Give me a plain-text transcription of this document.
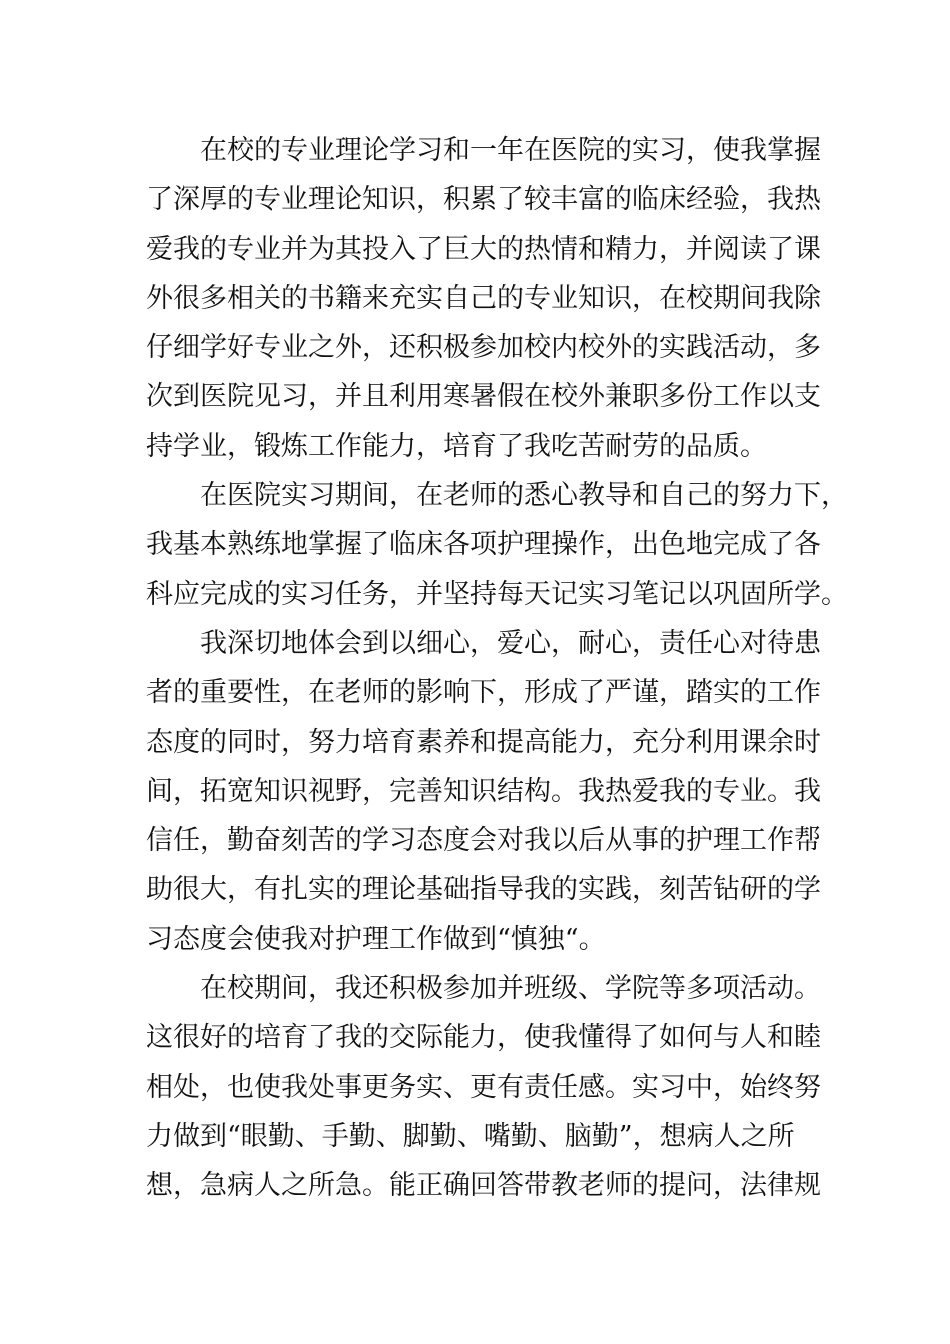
在校的专业理论学习和一年在医院的实习，使我掌握
了深厚的专业理论知识，积累了较丰富的临床经验，我热
爱我的专业并为其投入了巨大的热情和精力，并阅读了课
外很多相关的书籍来充实自己的专业知识，在校期间我除
仔细学好专业之外，还积极参加校内校外的实践活动，多
次到医院见习，并且利用寒暑假在校外兼职多份工作以支
持学业，锻炼工作能力，培育了我吃苦耐劳的品质。
在医院实习期间，在老师的悉心教导和自己的努力下，
我基本熟练地掌握了临床各项护理操作，出色地完成了各
科应完成的实习任务，并坚持每天记实习笔记以巩固所学。
我深切地体会到以细心，爱心，耐心，责任心对待患
者的重要性，在老师的影响下，形成了严谨，踏实的工作
态度的同时，努力培育素养和提高能力，充分利用课余时
间，拓宽知识视野，完善知识结构。我热爱我的专业。我
信任，勤奋刻苦的学习态度会对我以后从事的护理工作帮
助很大，有扎实的理论基础指导我的实践，刻苦钻研的学
习态度会使我对护理工作做到“慎独“。
在校期间，我还积极参加并班级、学院等多项活动。
这很好的培育了我的交际能力，使我懂得了如何与人和睦
相处，也使我处事更务实、更有责任感。实习中，始终努
力做到“眼勤、手勤、脚勤、嘴勤、脑勤”，想病人之所
想，急病人之所急。能正确回答带教老师的提问，法律规
